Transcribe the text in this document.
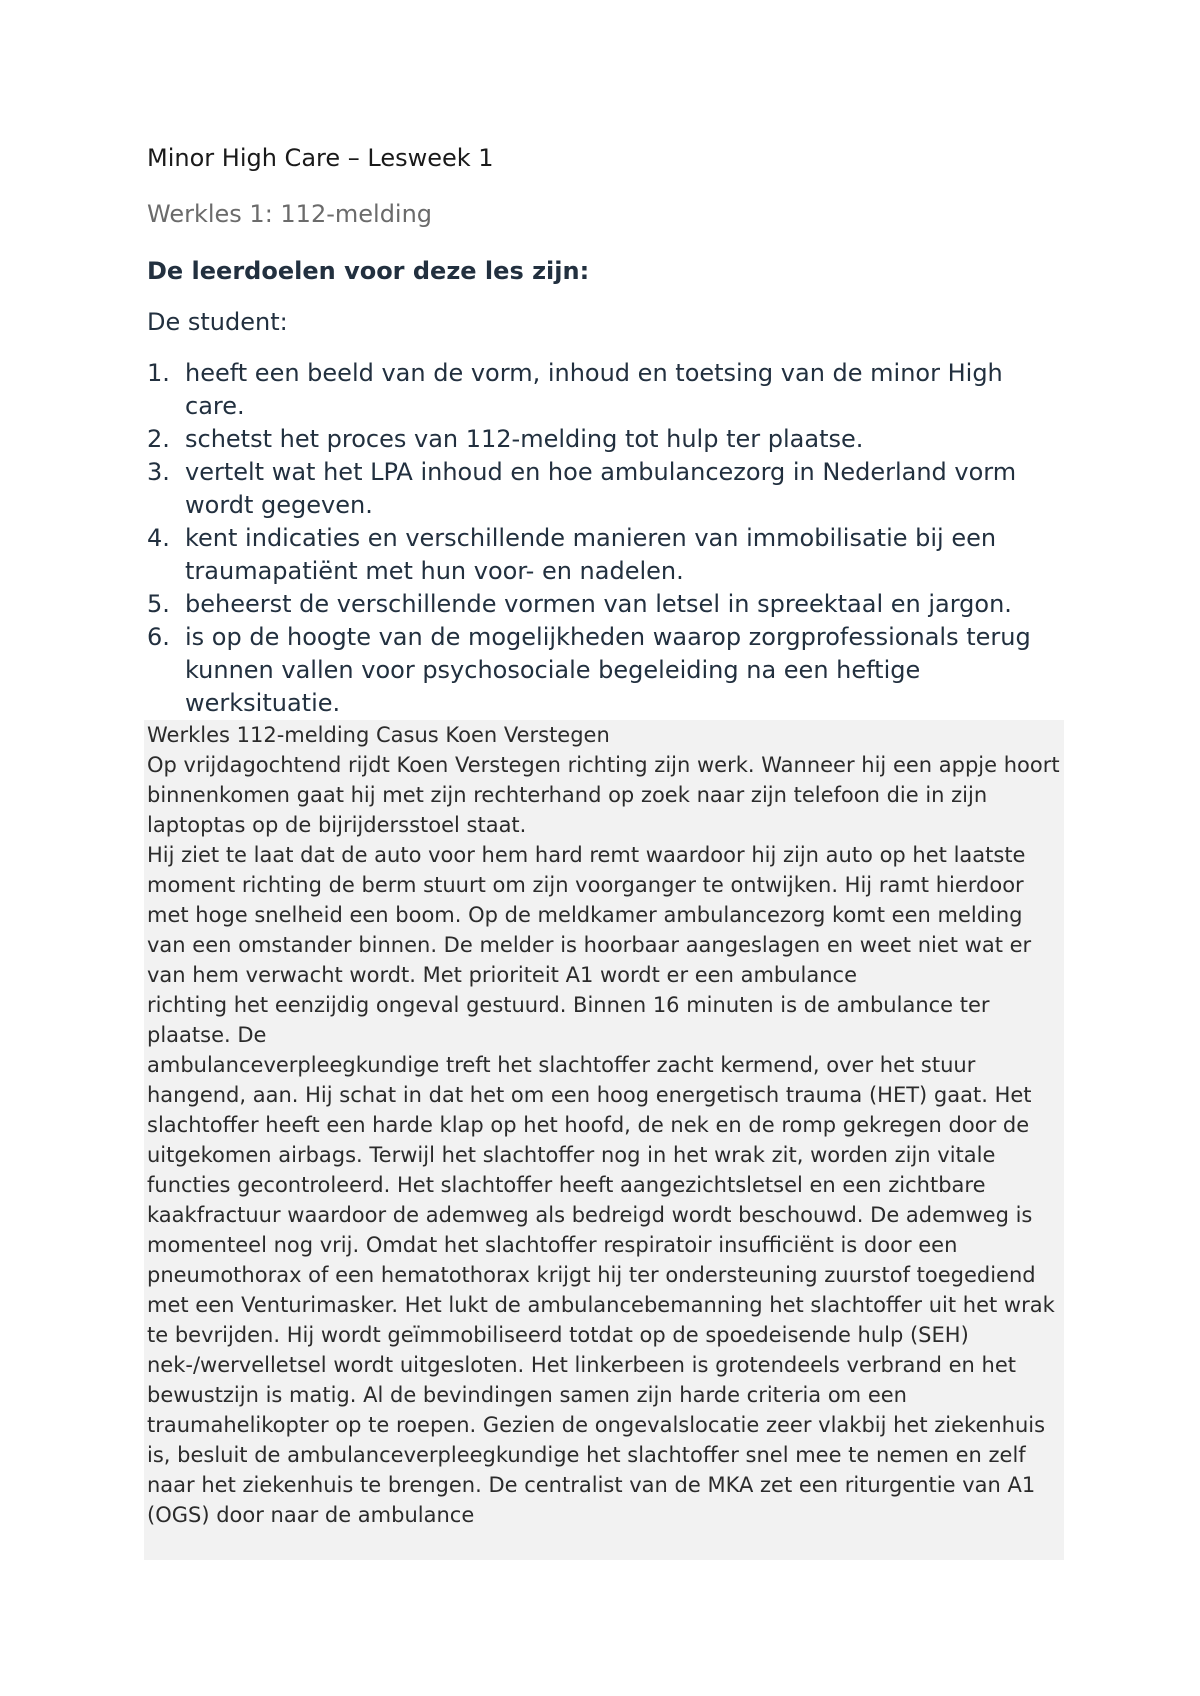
Minor High Care – Lesweek 1
Werkles 1: 112-melding
De leerdoelen voor deze les zijn:

De student:

1. heeft een beeld van de vorm, inhoud en toetsing van de minor High care.
2. schetst het proces van 112-melding tot hulp ter plaatse.
3. vertelt wat het LPA inhoud en hoe ambulancezorg in Nederland vorm wordt gegeven.
4. kent indicaties en verschillende manieren van immobilisatie bij een traumapatiënt met hun voor- en nadelen.
5. beheerst de verschillende vormen van letsel in spreektaal en jargon.
6. is op de hoogte van de mogelijkheden waarop zorgprofessionals terug kunnen vallen voor psychosociale begeleiding na een heftige werksituatie.

Werkles 112-melding Casus Koen Verstegen

Op vrijdagochtend rijdt Koen Verstegen richting zijn werk. Wanneer hij een appje hoort binnenkomen gaat hij met zijn rechterhand op zoek naar zijn telefoon die in zijn laptoptas op de bijrijdersstoel staat.

Hij ziet te laat dat de auto voor hem hard remt waardoor hij zijn auto op het laatste moment richting de berm stuurt om zijn voorganger te ontwijken. Hij ramt hierdoor met hoge snelheid een boom. Op de meldkamer ambulancezorg komt een melding van een omstander binnen. De melder is hoorbaar aangeslagen en weet niet wat er van hem verwacht wordt. Met prioriteit A1 wordt er een ambulance

richting het eenzijdig ongeval gestuurd. Binnen 16 minuten is de ambulance ter plaatse. De

ambulanceverpleegkundige treft het slachtoffer zacht kermend, over het stuur hangend, aan. Hij schat in dat het om een hoog energetisch trauma (HET) gaat. Het slachtoffer heeft een harde klap op het hoofd, de nek en de romp gekregen door de uitgekomen airbags. Terwijl het slachtoffer nog in het wrak zit, worden zijn vitale functies gecontroleerd. Het slachtoffer heeft aangezichtsletsel en een zichtbare kaakfractuur waardoor de ademweg als bedreigd wordt beschouwd. De ademweg is momenteel nog vrij. Omdat het slachtoffer respiratoir insufficiënt is door een pneumothorax of een hematothorax krijgt hij ter ondersteuning zuurstof toegediend met een Venturimasker. Het lukt de ambulancebemanning het slachtoffer uit het wrak te bevrijden. Hij wordt geïmmobiliseerd totdat op de spoedeisende hulp (SEH) nek-/wervelletsel wordt uitgesloten. Het linkerbeen is grotendeels verbrand en het bewustzijn is matig. Al de bevindingen samen zijn harde criteria om een traumahelikopter op te roepen. Gezien de ongevalslocatie zeer vlakbij het ziekenhuis is, besluit de ambulanceverpleegkundige het slachtoffer snel mee te nemen en zelf naar het ziekenhuis te brengen. De centralist van de MKA zet een riturgentie van A1 (OGS) door naar de ambulance
